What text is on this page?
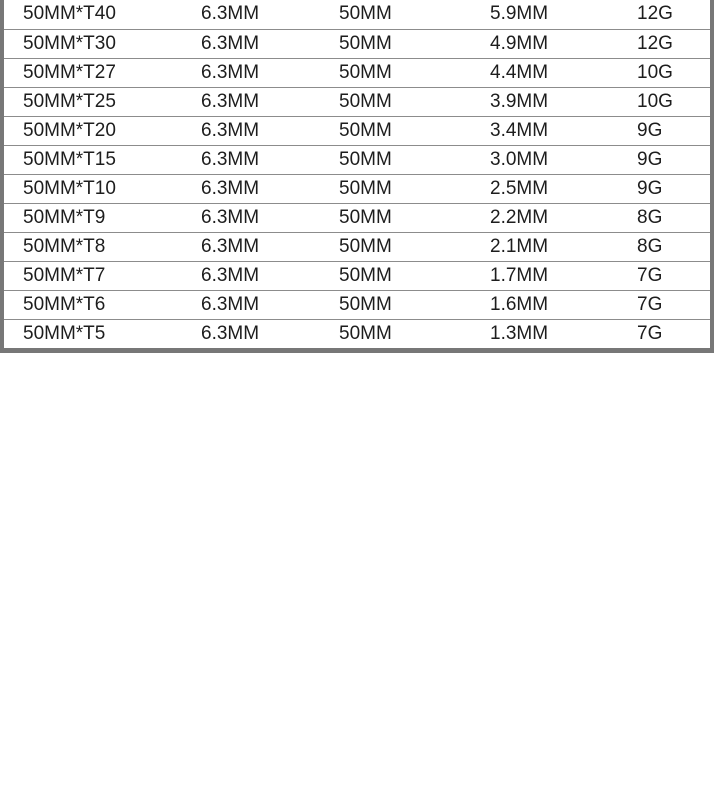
50MM*T40	6.3MM	50MM	5.9MM	12G
50MM*T30	6.3MM	50MM	4.9MM	12G
50MM*T27	6.3MM	50MM	4.4MM	10G
50MM*T25	6.3MM	50MM	3.9MM	10G
50MM*T20	6.3MM	50MM	3.4MM	9G
50MM*T15	6.3MM	50MM	3.0MM	9G
50MM*T10	6.3MM	50MM	2.5MM	9G
50MM*T9	6.3MM	50MM	2.2MM	8G
50MM*T8	6.3MM	50MM	2.1MM	8G
50MM*T7	6.3MM	50MM	1.7MM	7G
50MM*T6	6.3MM	50MM	1.6MM	7G
50MM*T5	6.3MM	50MM	1.3MM	7G
